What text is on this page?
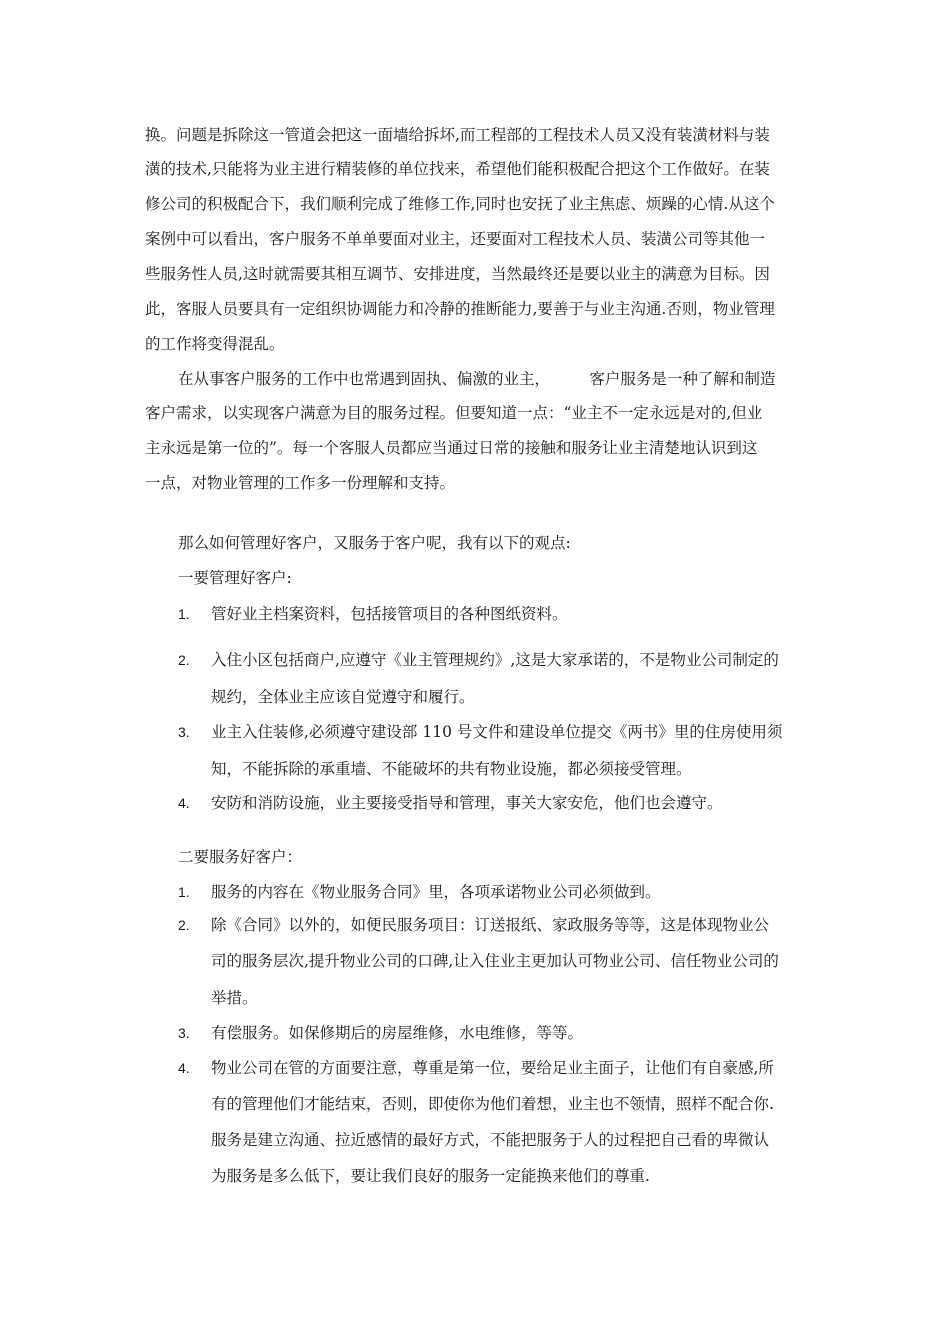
换。问题是拆除这一管道会把这一面墙给拆坏,而工程部的工程技术人员又没有装潢材料与装
潢的技术,只能将为业主进行精装修的单位找来，希望他们能积极配合把这个工作做好。在装
修公司的积极配合下，我们顺利完成了维修工作,同时也安抚了业主焦虑、烦躁的心情.从这个
案例中可以看出，客户服务不单单要面对业主，还要面对工程技术人员、装潢公司等其他一
些服务性人员,这时就需要其相互调节、安排进度，当然最终还是要以业主的满意为目标。因
此，客服人员要具有一定组织协调能力和冷静的推断能力,要善于与业主沟通.否则，物业管理
的工作将变得混乱。
在从事客户服务的工作中也常遇到固执、偏激的业主，        客户服务是一种了解和制造
客户需求，以实现客户满意为目的服务过程。但要知道一点：“业主不一定永远是对的,但业
主永远是第一位的”。每一个客服人员都应当通过日常的接触和服务让业主清楚地认识到这
一点，对物业管理的工作多一份理解和支持。
那么如何管理好客户，又服务于客户呢，我有以下的观点:
一要管理好客户:
1.	管好业主档案资料，包括接管项目的各种图纸资料。
2.	入住小区包括商户,应遵守《业主管理规约》,这是大家承诺的，不是物业公司制定的
规约，全体业主应该自觉遵守和履行。
3.	业主入住装修,必须遵守建设部 110 号文件和建设单位提交《两书》里的住房使用须
知，不能拆除的承重墙、不能破坏的共有物业设施，都必须接受管理。
4.	安防和消防设施，业主要接受指导和管理，事关大家安危，他们也会遵守。
二要服务好客户：
1.	服务的内容在《物业服务合同》里，各项承诺物业公司必须做到。
2.	除《合同》以外的，如便民服务项目：订送报纸、家政服务等等，这是体现物业公
司的服务层次,提升物业公司的口碑,让入住业主更加认可物业公司、信任物业公司的
举措。
3.	有偿服务。如保修期后的房屋维修，水电维修，等等。
4.	物业公司在管的方面要注意，尊重是第一位，要给足业主面子，让他们有自豪感,所
有的管理他们才能结束，否则，即使你为他们着想，业主也不领情，照样不配合你.
服务是建立沟通、拉近感情的最好方式，不能把服务于人的过程把自己看的卑微认
为服务是多么低下，要让我们良好的服务一定能换来他们的尊重.
